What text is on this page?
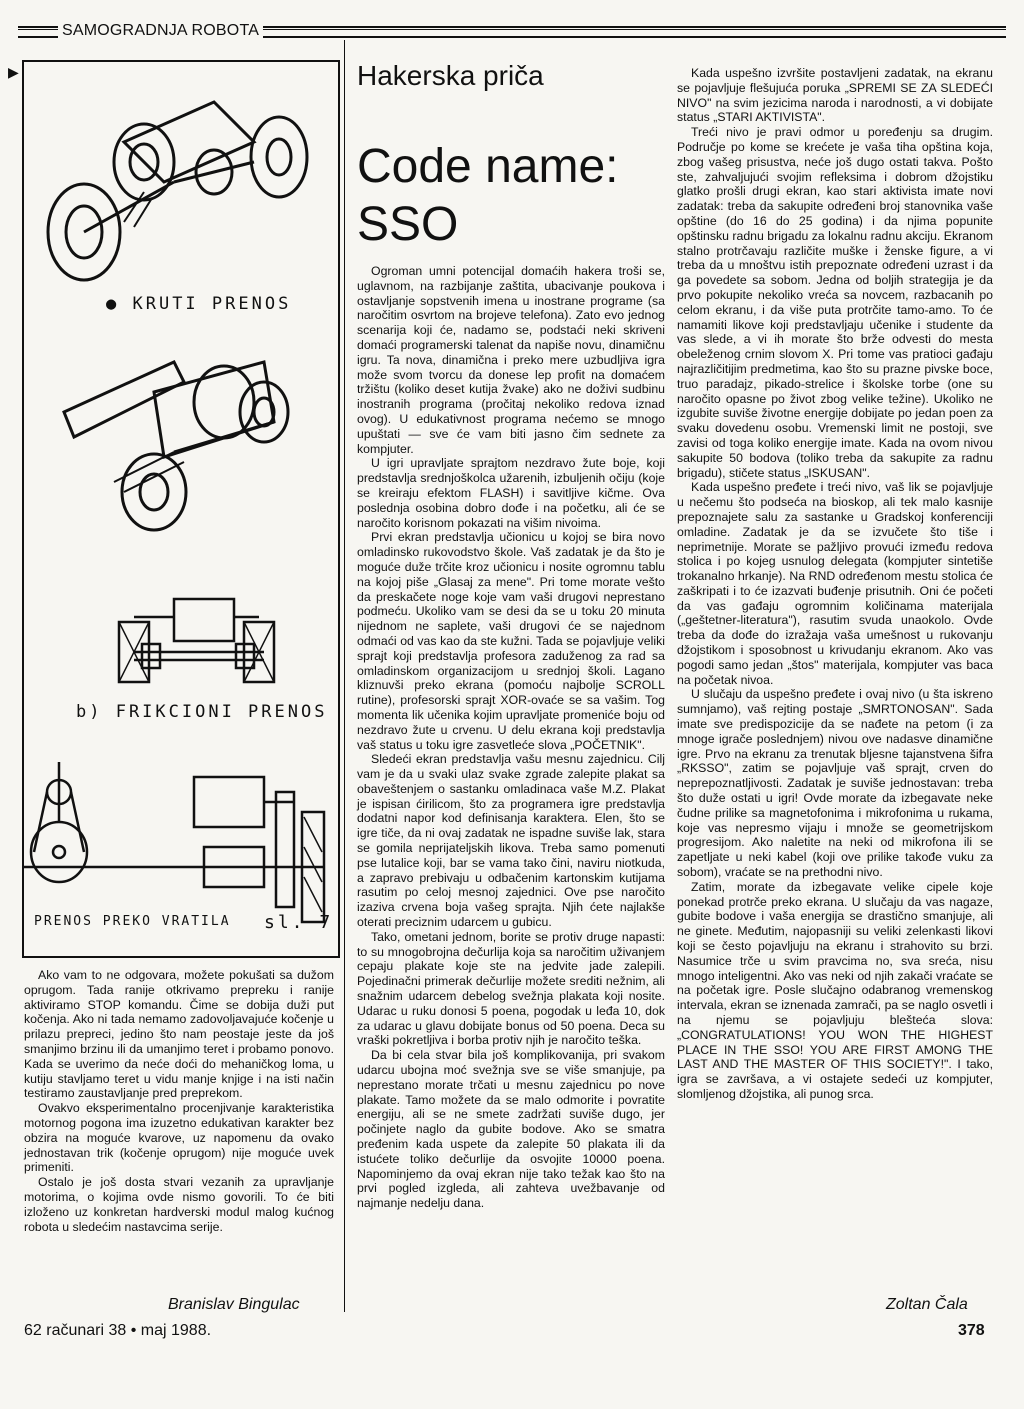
SAMOGRADNJA ROBOTA
▶
● KRUTI PRENOS
b) FRIKCIONI PRENOS
PRENOS PREKO VRATILA sl. 7

Ako vam to ne odgovara, možete pokušati sa dužom oprugom. Tada ranije otkrivamo prepreku i ranije aktiviramo STOP komandu. Čime se dobija duži put kočenja. Ako ni tada nemamo zadovoljavajuće kočenje u prilazu prepreci, jedino što nam peostaje jeste da još smanjimo brzinu ili da umanjimo teret i probamo ponovo. Kada se uverimo da neće doći do mehaničkog loma, u kutiju stavljamo teret u vidu manje knjige i na isti način testiramo zaustavljanje pred preprekom.

Ovakvo eksperimentalno procenjivanje karakteristika motornog pogona ima izuzetno edukativan karakter bez obzira na moguće kvarove, uz napomenu da ovako jednostavan trik (kočenje oprugom) nije moguće uvek primeniti.

Ostalo je još dosta stvari vezanih za upravljanje motorima, o kojima ovde nismo govorili. To će biti izloženo uz konkretan hardverski modul malog kućnog robota u sledećim nastavcima serije.

Branislav Bingulac
62 računari 38 • maj 1988.
Hakerska priča
Code name: SSO

Ogroman umni potencijal domaćih hakera troši se, uglavnom, na razbijanje zaštita, ubacivanje poukova i ostavljanje sopstvenih imena u inostrane programe (sa naročitim osvrtom na brojeve telefona). Zato evo jednog scenarija koji će, nadamo se, podstaći neki skriveni domaći programerski talenat da napiše novu, dinamičnu igru. Ta nova, dinamična i preko mere uzbudljiva igra može svom tvorcu da donese lep profit na domaćem tržištu (koliko deset kutija žvake) ako ne doživi sudbinu inostranih programa (pročitaj nekoliko redova iznad ovog). U edukativnost programa nećemo se mnogo upuštati — sve će vam biti jasno čim sednete za kompjuter.

U igri upravljate sprajtom nezdravo žute boje, koji predstavlja srednjoškolca užarenih, izbuljenih očiju (koje se kreiraju efektom FLASH) i savitljive kičme. Ova poslednja osobina dobro dođe i na početku, ali će se naročito korisnom pokazati na višim nivoima.

Prvi ekran predstavlja učionicu u kojoj se bira novo omladinsko rukovodstvo škole. Vaš zadatak je da što je moguće duže trčite kroz učionicu i nosite ogromnu tablu na kojoj piše „Glasaj za mene". Pri tome morate vešto da preskačete noge koje vam vaši drugovi neprestano podmeću. Ukoliko vam se desi da se u toku 20 minuta nijednom ne saplete, vaši drugovi će se najednom odmaći od vas kao da ste kužni. Tada se pojavljuje veliki sprajt koji predstavlja profesora zaduženog za rad sa omladinskom organizacijom u srednjoj školi. Lagano kliznuvši preko ekrana (pomoću najbolje SCROLL rutine), profesorski sprajt XOR-ovaće se sa vašim. Tog momenta lik učenika kojim upravljate promeniće boju od nezdravo žute u crvenu. U delu ekrana koji predstavlja vaš status u toku igre zasvetleće slova „POČETNIK".

Sledeći ekran predstavlja vašu mesnu zajednicu. Cilj vam je da u svaki ulaz svake zgrade zalepite plakat sa obaveštenjem o sastanku omladinaca vaše M.Z. Plakat je ispisan ćirilicom, što za programera igre predstavlja dodatni napor kod definisanja karaktera. Elen, što se igre tiče, da ni ovaj zadatak ne ispadne suviše lak, stara se gomila neprijateljskih likova. Treba samo pomenuti pse lutalice koji, bar se vama tako čini, naviru niotkuda, a zapravo prebivaju u odbačenim kartonskim kutijama rasutim po celoj mesnoj zajednici. Ove pse naročito izaziva crvena boja vašeg sprajta. Njih ćete najlakše oterati preciznim udarcem u gubicu.

Tako, ometani jednom, borite se protiv druge napasti: to su mnogobrojna dečurlija koja sa naročitim uživanjem cepaju plakate koje ste na jedvite jade zalepili. Pojedinačni primerak dečurlije možete srediti nežnim, ali snažnim udarcem debelog svežnja plakata koji nosite. Udarac u ruku donosi 5 poena, pogodak u leđa 10, dok za udarac u glavu dobijate bonus od 50 poena. Deca su vraški pokretljiva i borba protiv njih je naročito teška.

Da bi cela stvar bila još komplikovanija, pri svakom udarcu ubojna moć svežnja sve se više smanjuje, pa neprestano morate trčati u mesnu zajednicu po nove plakate. Tamo možete da se malo odmorite i povratite energiju, ali se ne smete zadržati suviše dugo, jer počinjete naglo da gubite bodove. Ako se smatra pređenim kada uspete da zalepite 50 plakata ili da istućete toliko dečurlije da osvojite 10000 poena. Napominjemo da ovaj ekran nije tako težak kao što na prvi pogled izgleda, ali zahteva uvežbavanje od najmanje nedelju dana.

Kada uspešno izvršite postavljeni zadatak, na ekranu se pojavljuje flešujuća poruka „SPREMI SE ZA SLEDEĆI NIVO" na svim jezicima naroda i narodnosti, a vi dobijate status „STARI AKTIVISTA".

Treći nivo je pravi odmor u poređenju sa drugim. Područje po kome se krećete je vaša tiha opština koja, zbog vašeg prisustva, neće još dugo ostati takva. Pošto ste, zahvaljujući svojim refleksima i dobrom džojstiku glatko prošli drugi ekran, kao stari aktivista imate novi zadatak: treba da sakupite određeni broj stanovnika vaše opštine (do 16 do 25 godina) i da njima popunite opštinsku radnu brigadu za lokalnu radnu akciju. Ekranom stalno protrčavaju različite muške i ženske figure, a vi treba da u mnoštvu istih prepoznate određeni uzrast i da ga povedete sa sobom. Jedna od boljih strategija je da prvo pokupite nekoliko vreća sa novcem, razbacanih po celom ekranu, i da više puta protrčite tamo-amo. To će namamiti likove koji predstavljaju učenike i studente da vas slede, a vi ih morate što brže odvesti do mesta obeleženog crnim slovom X. Pri tome vas pratioci gađaju najrazličitijim predmetima, kao što su prazne pivske boce, truo paradajz, pikado-strelice i školske torbe (one su naročito opasne po život zbog velike težine). Ukoliko ne izgubite suviše životne energije dobijate po jedan poen za svaku dovedenu osobu. Vremenski limit ne postoji, sve zavisi od toga koliko energije imate. Kada na ovom nivou sakupite 50 bodova (toliko treba da sakupite za radnu brigadu), stičete status „ISKUSAN".

Kada uspešno pređete i treći nivo, vaš lik se pojavljuje u nečemu što podseća na bioskop, ali tek malo kasnije prepoznajete salu za sastanke u Gradskoj konferenciji omladine. Zadatak je da se izvučete što tiše i neprimetnije. Morate se pažljivo provući između redova stolica i po kojeg usnulog delegata (kompjuter sintetiše trokanalno hrkanje). Na RND određenom mestu stolica će zaškripati i to će izazvati buđenje prisutnih. Oni će početi da vas gađaju ogromnim količinama materijala („geštetner-literatura"), rasutim svuda unaokolo. Ovde treba da dođe do izražaja vaša umešnost u rukovanju džojstikom i sposobnost u krivudanju ekranom. Ako vas pogodi samo jedan „štos" materijala, kompjuter vas baca na početak nivoa.

U slučaju da uspešno pređete i ovaj nivo (u šta iskreno sumnjamo), vaš rejting postaje „SMRTONOSAN". Sada imate sve predispozicije da se nađete na petom (i za mnoge igrače poslednjem) nivou ove nadasve dinamične igre. Prvo na ekranu za trenutak bljesne tajanstvena šifra „RKSSO", zatim se pojavljuje vaš sprajt, crven do neprepoznatljivosti. Zadatak je suviše jednostavan: treba što duže ostati u igri! Ovde morate da izbegavate neke čudne prilike sa magnetofonima i mikrofonima u rukama, koje vas nepresmo vijaju i množe se geometrijskom progresijom. Ako naletite na neki od mikrofona ili se zapetljate u neki kabel (koji ove prilike takođe vuku za sobom), vraćate se na prethodni nivo.

Zatim, morate da izbegavate velike cipele koje ponekad protrče preko ekrana. U slučaju da vas nagaze, gubite bodove i vaša energija se drastično smanjuje, ali ne ginete. Međutim, najopasniji su veliki zelenkasti likovi koji se često pojavljuju na ekranu i strahovito su brzi. Nasumice trče u svim pravcima no, sva sreća, nisu mnogo inteligentni. Ako vas neki od njih zakači vraćate se na početak igre. Posle slučajno odabranog vremenskog intervala, ekran se iznenada zamrači, pa se naglo osvetli i na njemu se pojavljuju blešteća slova: „CONGRATULATIONS! YOU WON THE HIGHEST PLACE IN THE SSO! YOU ARE FIRST AMONG THE LAST AND THE MASTER OF THIS SOCIETY!". I tako, igra se završava, a vi ostajete sedeći uz kompjuter, slomljenog džojstika, ali punog srca.

Zoltan Čala
378
